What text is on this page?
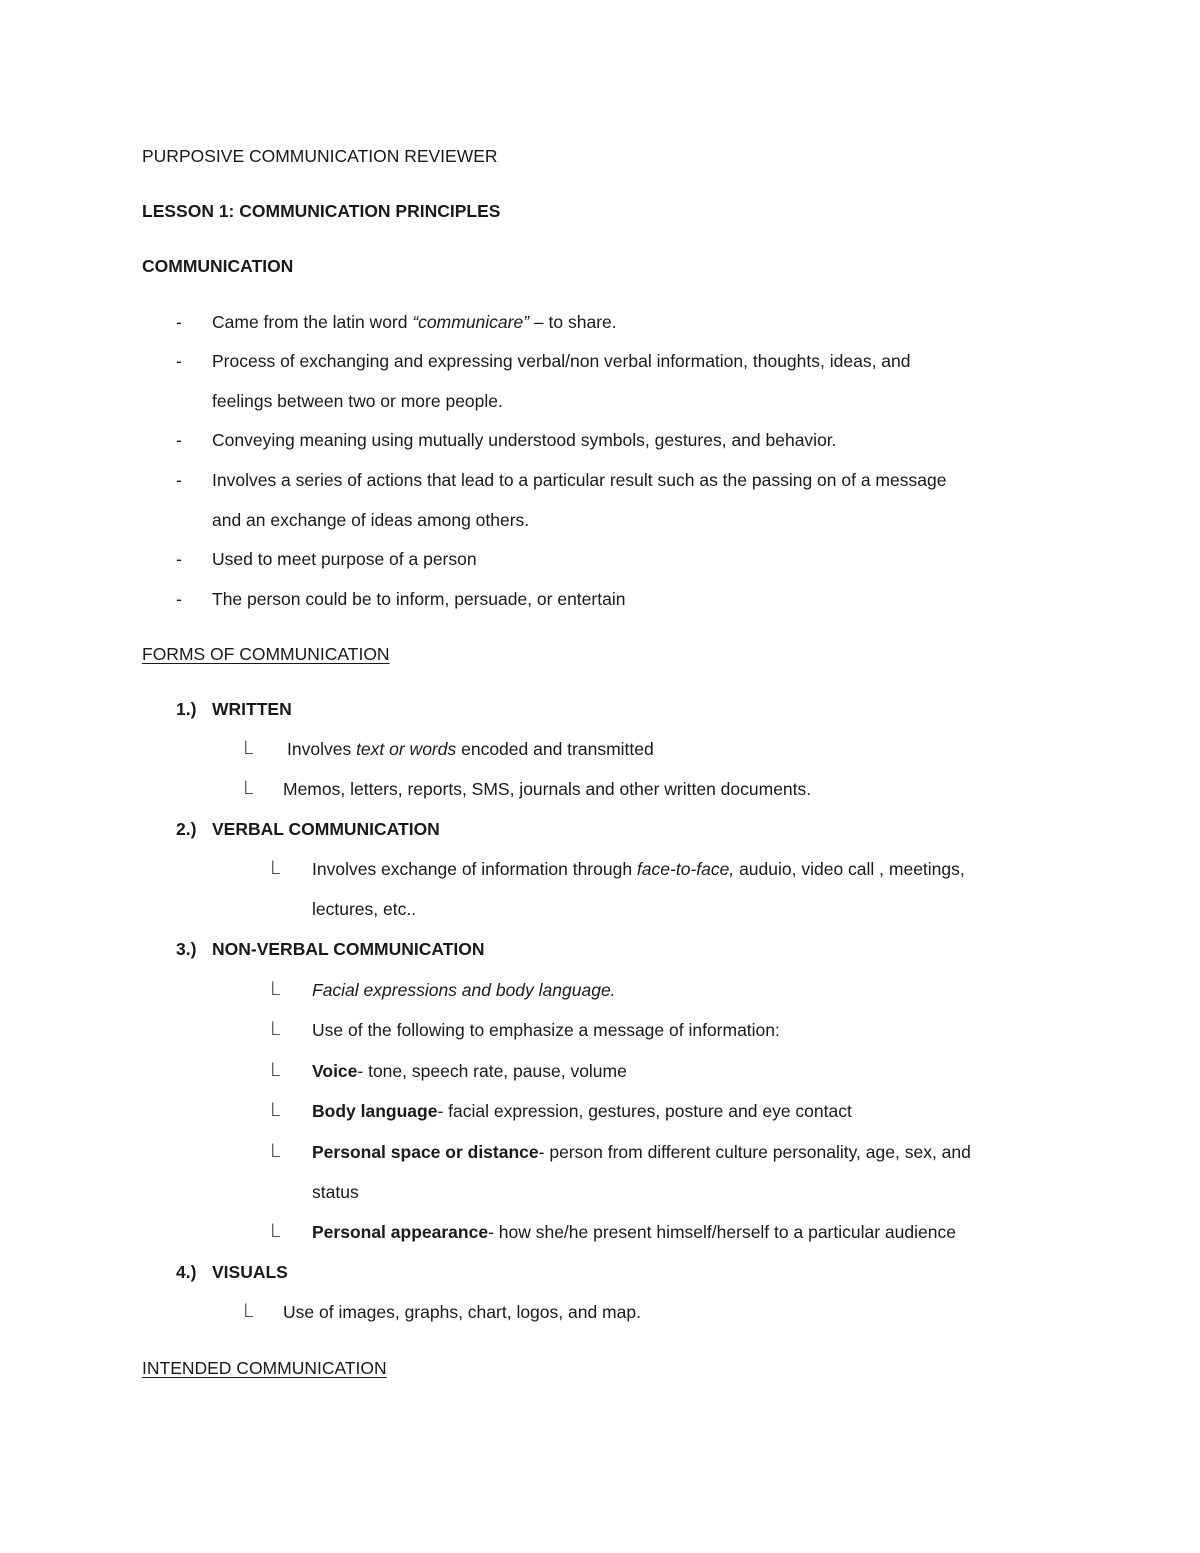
PURPOSIVE COMMUNICATION REVIEWER
LESSON 1: COMMUNICATION PRINCIPLES
COMMUNICATION
- Came from the latin word “communicare” – to share.
- Process of exchanging and expressing verbal/non verbal information, thoughts, ideas, and
feelings between two or more people.
- Conveying meaning using mutually understood symbols, gestures, and behavior.
- Involves a series of actions that lead to a particular result such as the passing on of a message
and an exchange of ideas among others.
- Used to meet purpose of a person
- The person could be to inform, persuade, or entertain
FORMS OF COMMUNICATION
1.) WRITTEN
L Involves text or words encoded and transmitted
L Memos, letters, reports, SMS, journals and other written documents.
2.) VERBAL COMMUNICATION
L Involves exchange of information through face-to-face, auduio, video call , meetings,
lectures, etc..
3.) NON-VERBAL COMMUNICATION
L Facial expressions and body language.
L Use of the following to emphasize a message of information:
L Voice- tone, speech rate, pause, volume
L Body language- facial expression, gestures, posture and eye contact
L Personal space or distance- person from different culture personality, age, sex, and
status
L Personal appearance- how she/he present himself/herself to a particular audience
4.) VISUALS
L Use of images, graphs, chart, logos, and map.
INTENDED COMMUNICATION
